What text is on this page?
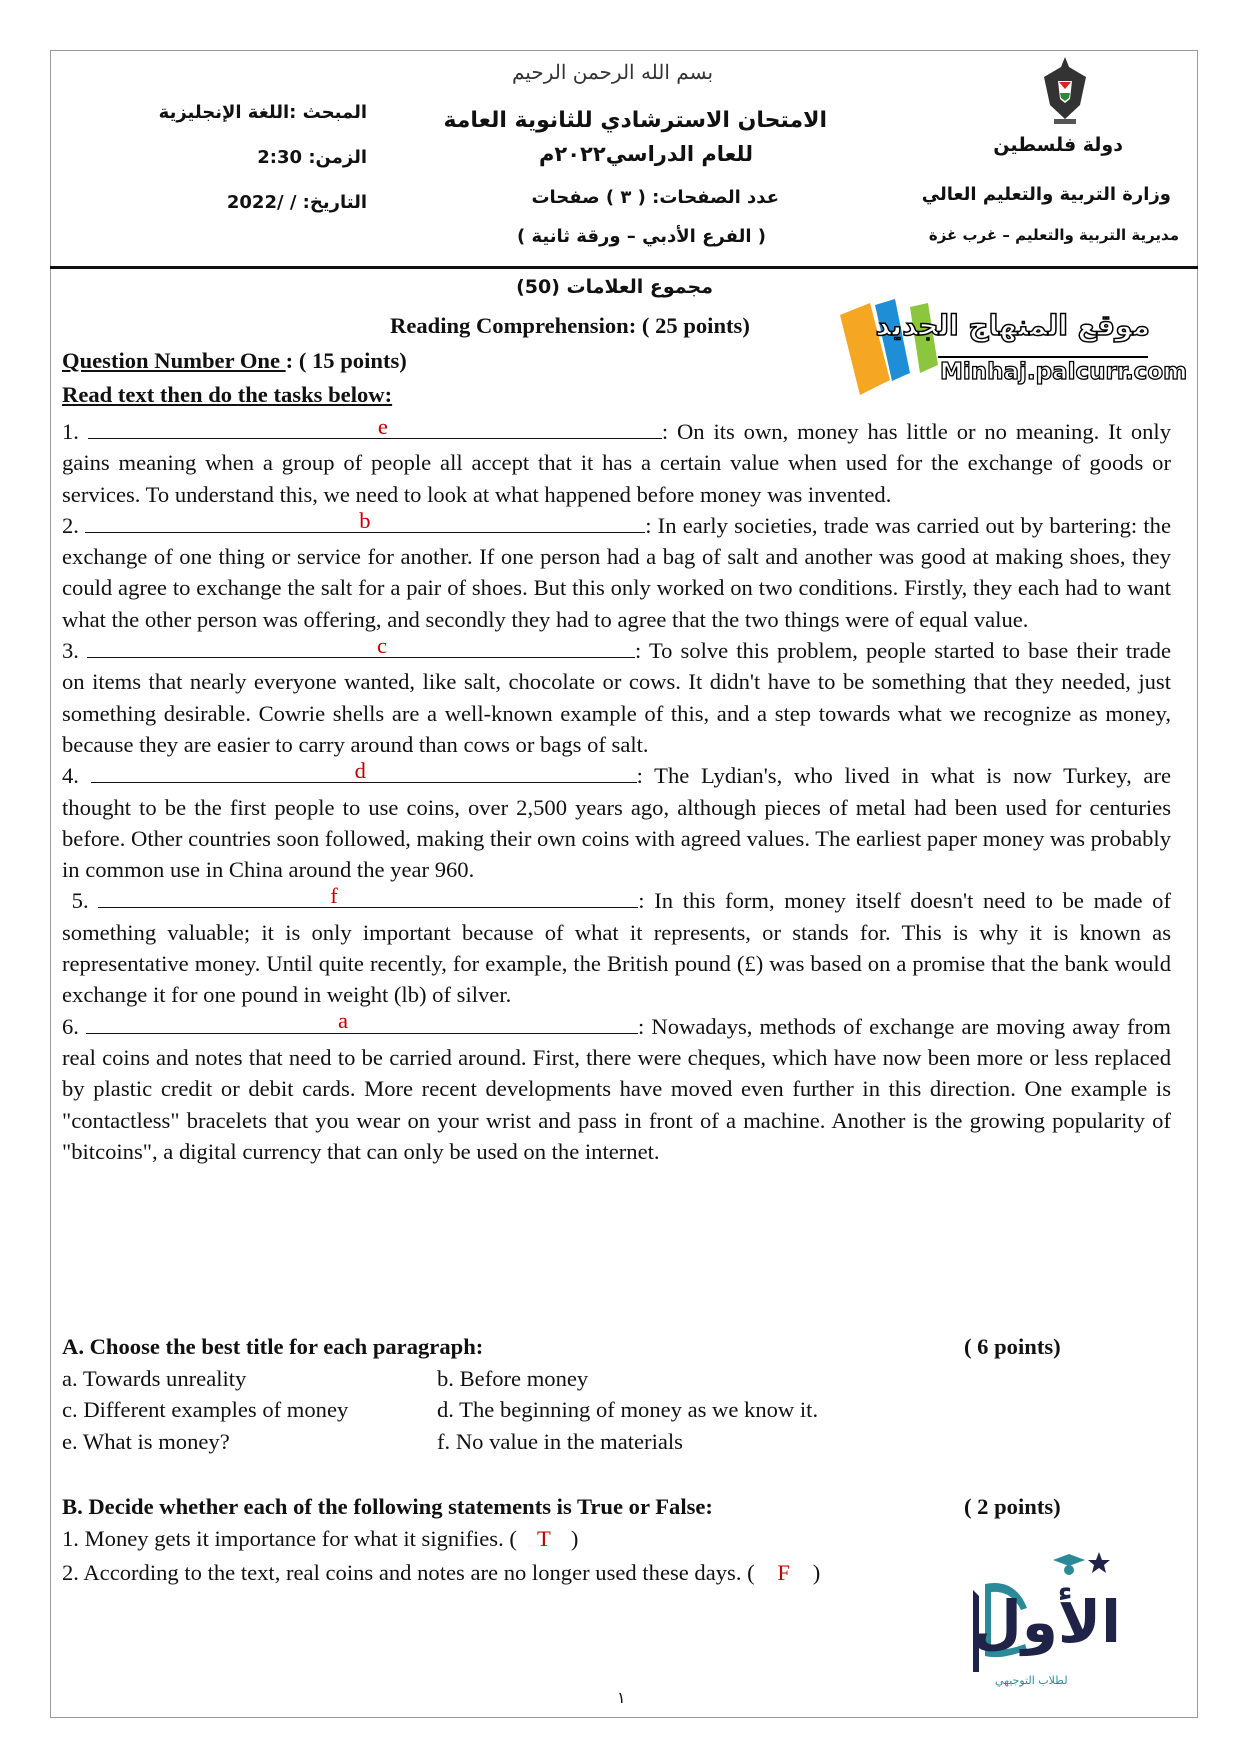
بسم الله الرحمن الرحيم
دولة فلسطين
وزارة التربية والتعليم العالي
مديرية التربية والتعليم – غرب غزة
الامتحان الاسترشادي للثانوية العامة
للعام الدراسي٢٠٢٢م
عدد الصفحات: ( ٣ ) صفحات
( الفرع الأدبي – ورقة ثانية )
المبحث :اللغة الإنجليزية
الزمن: 2:30
التاريخ: / /2022
مجموع العلامات (50)
Reading Comprehension: ( 25 points)	موقع المنهاج الجديد
Minhaj.palcurr.com
Question Number One : ( 15 points)
Read text then do the tasks below:

1.	e	: On its own, money has little or no meaning. It only gains meaning when a group of people all accept that it has a certain value when used for the exchange of goods or services. To understand this, we need to look at what happened before money was invented.

2.	b	: In early societies, trade was carried out by bartering: the exchange of one thing or service for another. If one person had a bag of salt and another was good at making shoes, they could agree to exchange the salt for a pair of shoes. But this only worked on two conditions. Firstly, they each had to want what the other person was offering, and secondly they had to agree that the two things were of equal value.

3.	c	: To solve this problem, people started to base their trade on items that nearly everyone wanted, like salt, chocolate or cows. It didn't have to be something that they needed, just something desirable. Cowrie shells are a well-known example of this, and a step towards what we recognize as money, because they are easier to carry around than cows or bags of salt.

4.	d	: The Lydian's, who lived in what is now Turkey, are thought to be the first people to use coins, over 2,500 years ago, although pieces of metal had been used for centuries before. Other countries soon followed, making their own coins with agreed values. The earliest paper money was probably in common use in China around the year 960.

5.	f	: In this form, money itself doesn't need to be made of something valuable; it is only important because of what it represents, or stands for. This is why it is known as representative money. Until quite recently, for example, the British pound (£) was based on a promise that the bank would exchange it for one pound in weight (lb) of silver.

6.	a	: Nowadays, methods of exchange are moving away from real coins and notes that need to be carried around. First, there were cheques, which have now been more or less replaced by plastic credit or debit cards. More recent developments have moved even further in this direction. One example is "contactless" bracelets that you wear on your wrist and pass in front of a machine. Another is the growing popularity of "bitcoins", a digital currency that can only be used on the internet.

A. Choose the best title for each paragraph:	( 6 points)
a. Towards unreality	b. Before money
c. Different examples of money	d. The beginning of money as we know it.
e. What is money?	f. No value in the materials
B. Decide whether each of the following statements is True or False:	( 2 points)
1. Money gets it importance for what it signifies. ( T )
2. According to the text, real coins and notes are no longer used these days. ( F )
الأول
لطلاب التوجيهي
١
